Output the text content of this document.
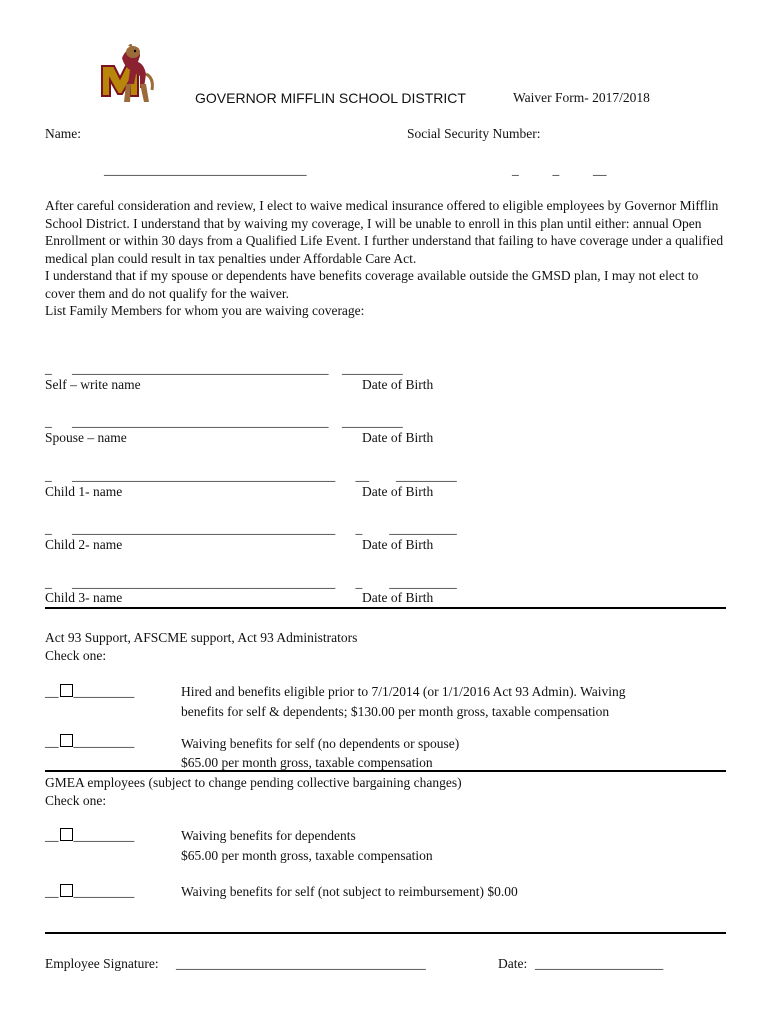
GOVERNOR MIFFLIN SCHOOL DISTRICT	Waiver Form- 2017/2018
Name:	Social Security Number:
______________________________	_          _          __

After careful consideration and review, I elect to waive medical insurance offered to eligible employees by Governor Mifflin School District. I understand that by waiving my coverage, I will be unable to enroll in this plan until either: annual Open Enrollment or within 30 days from a Qualified Life Event. I further understand that failing to have coverage under a qualified medical plan could result in tax penalties under Affordable Care Act.

I understand that if my spouse or dependents have benefits coverage available outside the GMSD plan, I may not elect to cover them and do not qualify for the waiver.

List Family Members for whom you are waiving coverage:

_      ______________________________________    _________
Self – write name	Date of Birth
_      ______________________________________    _________
Spouse – name	Date of Birth
_      _______________________________________      __        _________
Child 1- name	Date of Birth
_      _______________________________________      _        __________
Child 2- name	Date of Birth
_      _______________________________________      _        __________
Child 3- name	Date of Birth
Act 93 Support, AFSCME support, Act 93 Administrators
Check one:
__ _________	Hired and benefits eligible prior to 7/1/2014 (or 1/1/2016 Act 93 Admin). Waiving
benefits for self & dependents; $130.00 per month gross, taxable compensation
__ _________	Waiving benefits for self (no dependents or spouse)
$65.00 per month gross, taxable compensation
GMEA employees (subject to change pending collective bargaining changes)
Check one:
__ _________	Waiving benefits for dependents
$65.00 per month gross, taxable compensation
__ _________	Waiving benefits for self (not subject to reimbursement) $0.00
Employee Signature: _____________________________________	Date: ___________________
